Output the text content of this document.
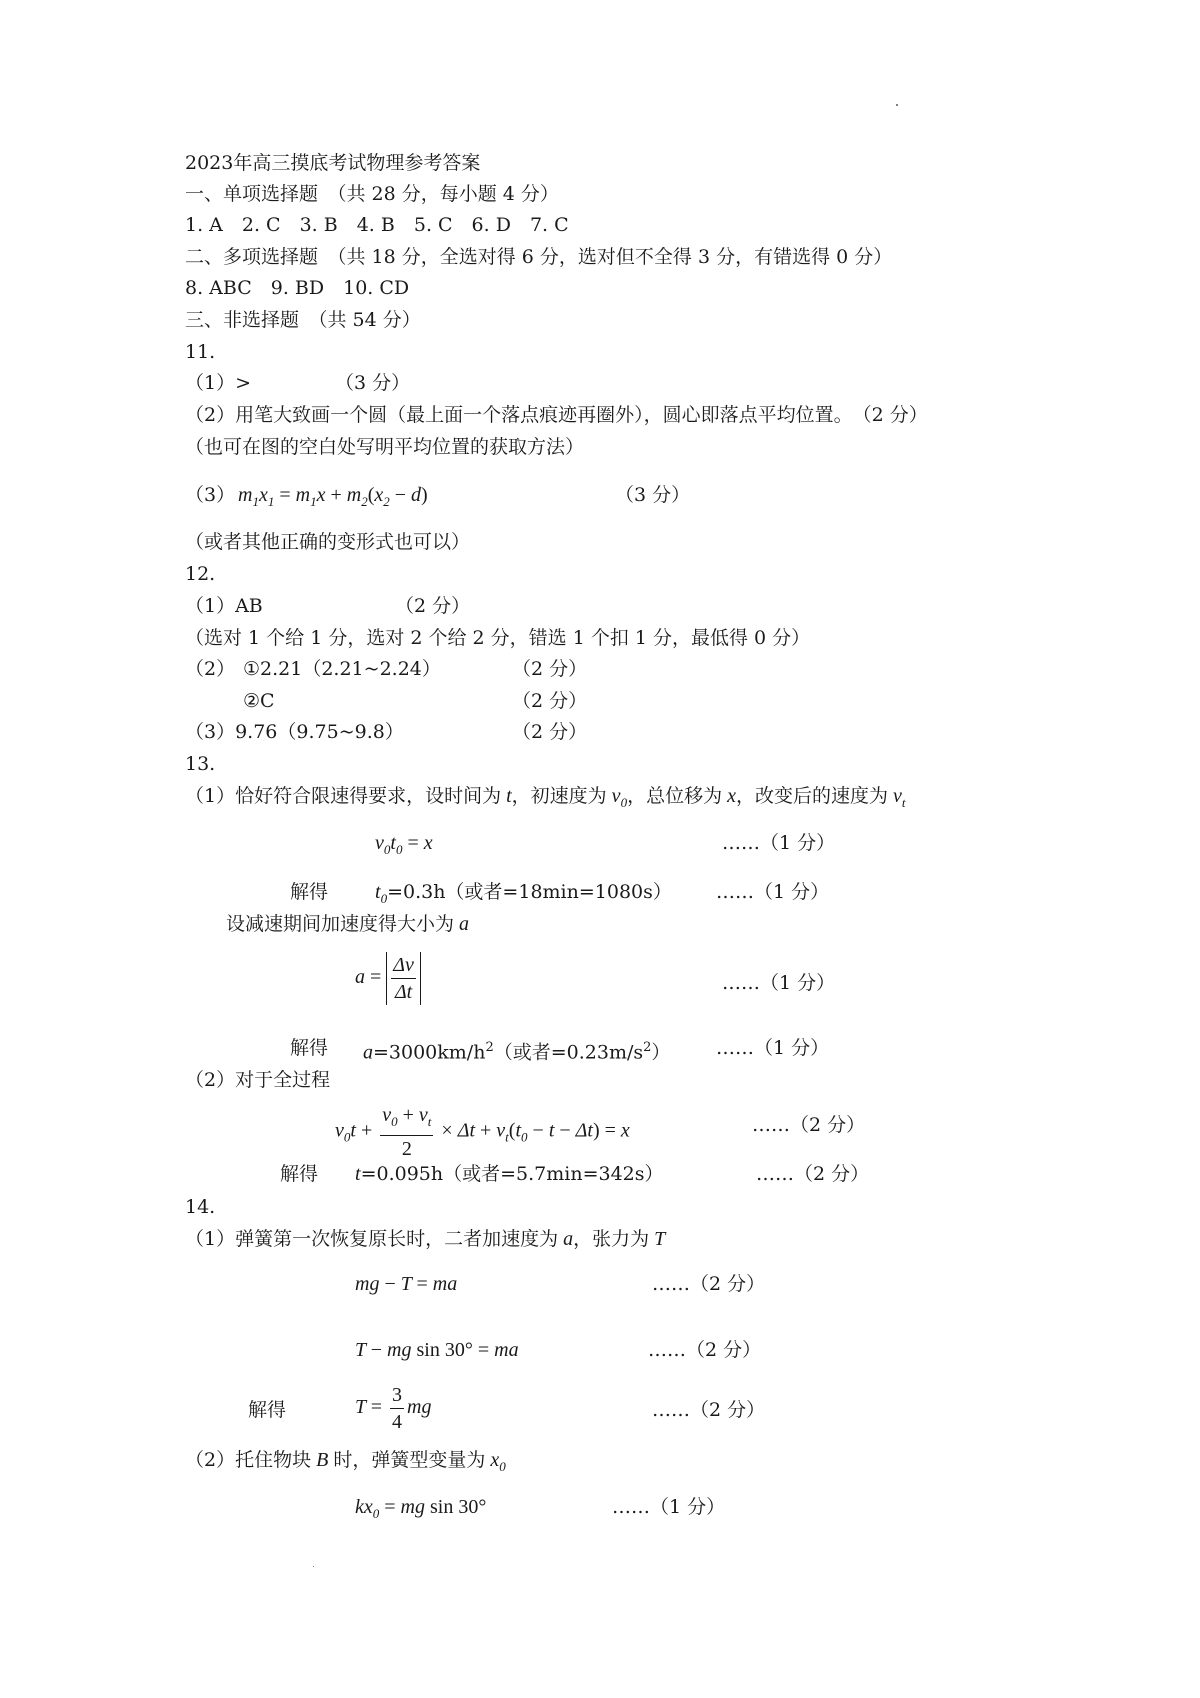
2023年高三摸底考试物理参考答案
一、单项选择题　（共 28 分，每小题 4 分）
1. A　2. C　3. B　4. B　5. C　6. D　7. C
二、多项选择题　（共 18 分，全选对得 6 分，选对但不全得 3 分，有错选得 0 分）
8. ABC　9. BD　10. CD
三、非选择题　（共 54 分）
11.
（1）>	（3 分）
（2）用笔大致画一个圆（最上面一个落点痕迹再圈外），圆心即落点平均位置。　（2 分）
（也可在图的空白处写明平均位置的获取方法）
（3） $m_1x_1 = m_1x + m_2(x_2 - d)$	（3 分）
（或者其他正确的变形式也可以）
12.
（1）AB	（2 分）
（选对 1 个给 1 分，选对 2 个给 2 分，错选 1 个扣 1 分，最低得 0 分）
（2） ①2.21（2.21~2.24）	（2 分）
②C	（2 分）
（3）9.76（9.75~9.8）	（2 分）
13.
（1）恰好符合限速得要求，设时间为 t，初速度为 $v_0$，总位移为 x，改变后的速度为 $v_t$
$v_0t_0 = x$	……（1 分）
解得 $t_0=0.3h$（或者=18min=1080s） ……（1 分）
设减速期间加速度得大小为 a
$a = \frac{\Delta v}{\Delta t}$	……（1 分）
解得 $a=3000km/h^2$（或者$=0.23m/s^2$） ……（1 分）
（2）对于全过程
$v_0t + \frac{v_0 + v_t}{2} \times \Delta t + v_t(t_0 - t - \Delta t) = x$	……（2 分）
解得 t=0.095h（或者=5.7min=342s）	……（2 分）
14.
（1）弹簧第一次恢复原长时，二者加速度为 a，张力为 T
mg − T = ma	……（2 分）
T − mg sin 30° = ma	……（2 分）
解得	$T = \frac{3}{4}$ mg	……（2 分）
（2）托住物块 B 时，弹簧型变量为 $x_0$
$kx_0$ = mg sin 30°	……（1 分）
